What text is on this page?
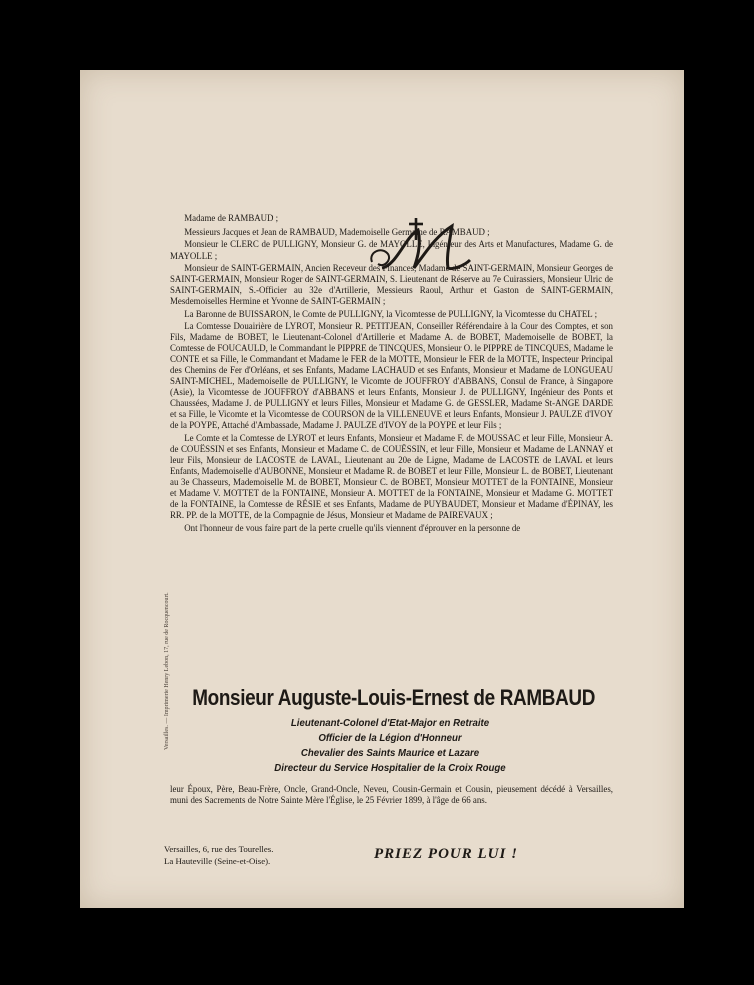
Versailles. — Imprimerie Henry Lebon, 17, rue de Rocquencourt.

Madame de RAMBAUD ;

Messieurs Jacques et Jean de RAMBAUD, Mademoiselle Germaine de RAMBAUD ;

Monsieur le CLERC de PULLIGNY, Monsieur G. de MAYOLLE, Ingénieur des Arts et Manufactures, Madame G. de MAYOLLE ;

Monsieur de SAINT-GERMAIN, Ancien Receveur des Finances, Madame de SAINT-GERMAIN, Monsieur Georges de SAINT-GERMAIN, Monsieur Roger de SAINT-GERMAIN, S. Lieutenant de Réserve au 7e Cuirassiers, Monsieur Ulric de SAINT-GERMAIN, S.-Officier au 32e d'Artillerie, Messieurs Raoul, Arthur et Gaston de SAINT-GERMAIN, Mesdemoiselles Hermine et Yvonne de SAINT-GERMAIN ;

La Baronne de BUISSARON, le Comte de PULLIGNY, la Vicomtesse de PULLIGNY, la Vicomtesse du CHATEL ;

La Comtesse Douairière de LYROT, Monsieur R. PETITJEAN, Conseiller Référendaire à la Cour des Comptes, et son Fils, Madame de BOBET, le Lieutenant-Colonel d'Artillerie et Madame A. de BOBET, Mademoiselle de BOBET, la Comtesse de FOUCAULD, le Commandant le PIPPRE de TINCQUES, Monsieur O. le PIPPRE de TINCQUES, Madame le CONTE et sa Fille, le Commandant et Madame le FER de la MOTTE, Monsieur le FER de la MOTTE, Inspecteur Principal des Chemins de Fer d'Orléans, et ses Enfants, Madame LACHAUD et ses Enfants, Monsieur et Madame de LONGUEAU SAINT-MICHEL, Mademoiselle de PULLIGNY, le Vicomte de JOUFFROY d'ABBANS, Consul de France, à Singapore (Asie), la Vicomtesse de JOUFFROY d'ABBANS et leurs Enfants, Monsieur J. de PULLIGNY, Ingénieur des Ponts et Chaussées, Madame J. de PULLIGNY et leurs Filles, Monsieur et Madame G. de GESSLER, Madame St-ANGE DARDE et sa Fille, le Vicomte et la Vicomtesse de COURSON de la VILLENEUVE et leurs Enfants, Monsieur J. PAULZE d'IVOY de la POYPE, Attaché d'Ambassade, Madame J. PAULZE d'IVOY de la POYPE et leur Fils ;

Le Comte et la Comtesse de LYROT et leurs Enfants, Monsieur et Madame F. de MOUSSAC et leur Fille, Monsieur A. de COUËSSIN et ses Enfants, Monsieur et Madame C. de COUËSSIN, et leur Fille, Monsieur et Madame de LANNAY et leur Fils, Monsieur de LACOSTE de LAVAL, Lieutenant au 20e de Ligne, Madame de LACOSTE de LAVAL et leurs Enfants, Mademoiselle d'AUBONNE, Monsieur et Madame R. de BOBET et leur Fille, Monsieur L. de BOBET, Lieutenant au 3e Chasseurs, Mademoiselle M. de BOBET, Monsieur C. de BOBET, Monsieur MOTTET de la FONTAINE, Monsieur et Madame V. MOTTET de la FONTAINE, Monsieur A. MOTTET de la FONTAINE, Monsieur et Madame G. MOTTET de la FONTAINE, la Comtesse de RÉSIE et ses Enfants, Madame de PUYBAUDET, Monsieur et Madame d'ÉPINAY, les RR. PP. de la MOTTE, de la Compagnie de Jésus, Monsieur et Madame de PAIREVAUX ;

Ont l'honneur de vous faire part de la perte cruelle qu'ils viennent d'éprouver en la personne de

Monsieur Auguste-Louis-Ernest de RAMBAUD
Lieutenant-Colonel d'Etat-Major en Retraite
Officier de la Légion d'Honneur
Chevalier des Saints Maurice et Lazare
Directeur du Service Hospitalier de la Croix Rouge
leur Époux, Père, Beau-Frère, Oncle, Grand-Oncle, Neveu, Cousin-Germain et Cousin, pieusement décédé à Versailles, muni des Sacrements de Notre Sainte Mère l'Église, le 25 Février 1899, à l'âge de 66 ans.
Versailles, 6, rue des Tourelles.
La Hauteville (Seine-et-Oise).	PRIEZ POUR LUI !
